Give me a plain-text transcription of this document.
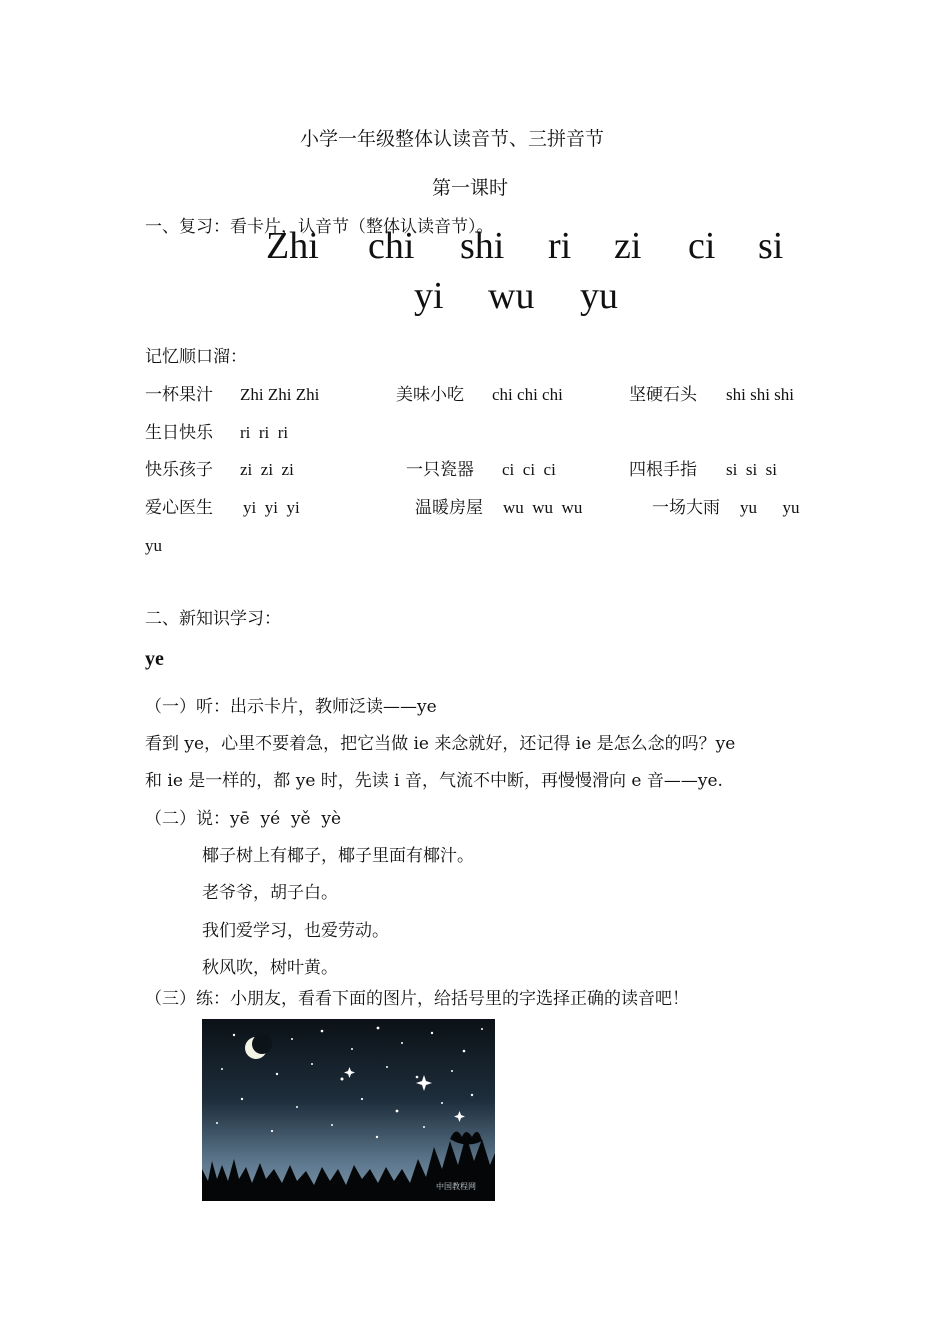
小学一年级整体认读音节、三拼音节
第一课时
一、复习：看卡片，认音节（整体认读音节）。
Zhi chi shi ri zi ci si
yi wu yu
记忆顺口溜：
一杯果汁 Zhi Zhi Zhi	美味小吃 chi chi chi	坚硬石头 shi shi shi
生日快乐 ri  ri  ri
快乐孩子 zi  zi  zi	一只瓷器 ci  ci  ci	四根手指 si  si  si
爱心医生 yi  yi  yi	温暖房屋 wu  wu  wu	一场大雨 yu      yu
yu
二、新知识学习：
ye
（一）听：出示卡片，教师泛读——ye
看到 ye，心里不要着急，把它当做 ie 来念就好，还记得 ie 是怎么念的吗？ye
和 ie 是一样的，都 ye 时，先读 i 音，气流不中断，再慢慢滑向 e 音——ye.
（二）说：yē  yé  yě  yè
椰子树上有椰子，椰子里面有椰汁。
老爷爷，胡子白。
我们爱学习，也爱劳动。
秋风吹，树叶黄。
（三）练：小朋友，看看下面的图片，给括号里的字选择正确的读音吧！
中国教程网
